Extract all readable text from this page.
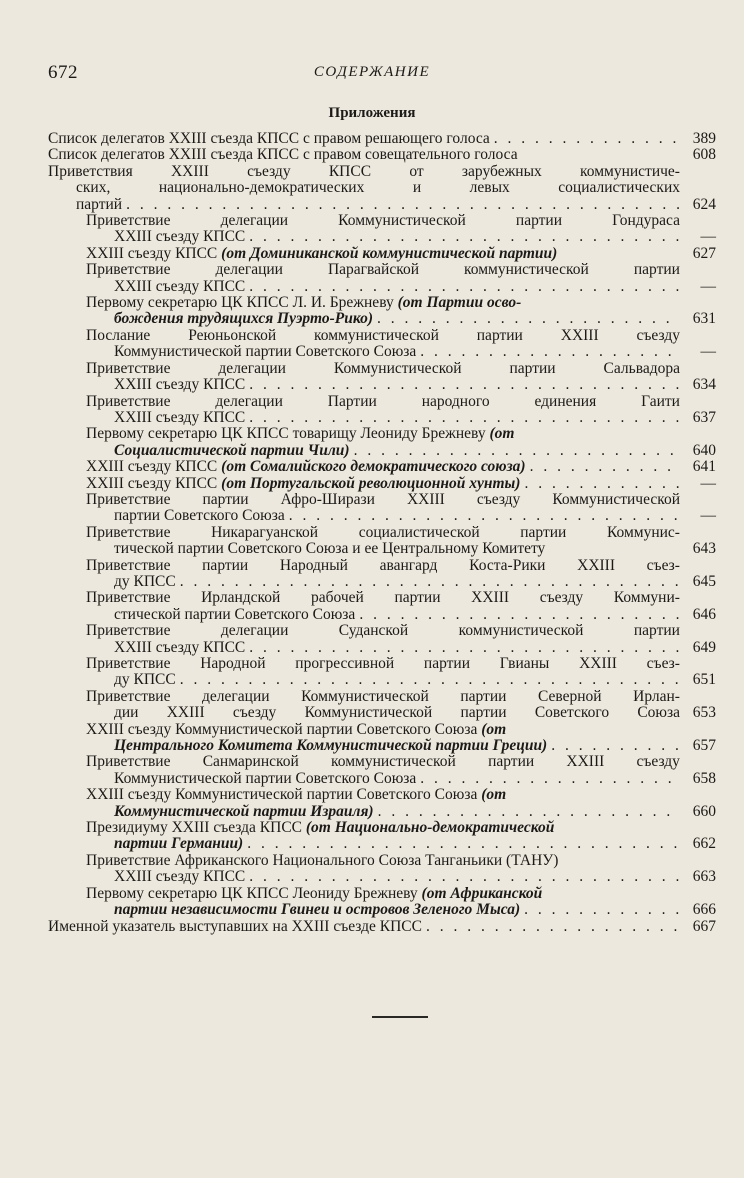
672	СОДЕРЖАНИЕ
Приложения
Список делегатов XXIII съезда КПСС с правом решающего голоса . . .	389
Список делегатов XXIII съезда КПСС с правом совещательного голоса	608
Приветствия XXIII съезду КПСС от зарубежных коммунистиче-
ских,	национально-демократических	и	левых	социалистических
партий . . .	624
Приветствие	делегации	Коммунистической	партии	Гондураса
XXIII съезду КПСС . . .	—
XXIII съезду КПСС (от Доминиканской коммунистической партии)	627
Приветствие	делегации	Парагвайской	коммунистической	партии
XXIII съезду КПСС . . .	—
Первому секретарю ЦК КПСС Л. И. Брежневу (от Партии осво-
бождения трудящихся Пуэрто-Рико) . . .	631
Послание Реюньонской коммунистической партии XXIII съезду
Коммунистической партии Советского Союза . . .	—
Приветствие	делегации	Коммунистической	партии	Сальвадора
XXIII съезду КПСС . . .	634
Приветствие	делегации	Партии	народного	единения	Гаити
XXIII съезду КПСС . . .	637
Первому секретарю ЦК КПСС товарищу Леониду Брежневу (от
Социалистической партии Чили) . . .	640
XXIII съезду КПСС (от Сомалийского демократического союза) . . .	641
XXIII съезду КПСС (от Португальской революционной хунты) . . .	—
Приветствие партии Афро-Ширази XXIII съезду Коммунистической
партии Советского Союза . . .	—
Приветствие	Никарагуанской	социалистической	партии	Коммунис-
тической партии Советского Союза и ее Центральному Комитету	643
Приветствие партии Народный авангард Коста-Рики XXIII съез-
ду КПСС . . .	645
Приветствие Ирландской рабочей партии XXIII съезду Коммуни-
стической партии Советского Союза . . .	646
Приветствие	делегации	Суданской	коммунистической	партии
XXIII съезду КПСС . . .	649
Приветствие Народной прогрессивной партии Гвианы XXIII съез-
ду КПСС . . .	651
Приветствие делегации Коммунистической партии Северной Ирлан-
дии XXIII съезду Коммунистической партии Советского Союза 653
XXIII съезду Коммунистической партии Советского Союза (от
Центрального Комитета Коммунистической партии Греции) . . .	657
Приветствие Санмаринской коммунистической партии XXIII съезду
Коммунистической партии Советского Союза . . .	658
XXIII съезду Коммунистической партии Советского Союза (от
Коммунистической партии Израиля) . . .	660
Президиуму XXIII съезда КПСС (от Национально-демократической
партии Германии) . . .	662
Приветствие Африканского Национального Союза Танганьики (ТАНУ)
XXIII съезду КПСС . . .	663
Первому секретарю ЦК КПСС Леониду Брежневу (от Африканской
партии независимости Гвинеи и островов Зеленого Мыса) . . .	666
Именной указатель выступавших на XXIII съезде КПСС . . .	667
